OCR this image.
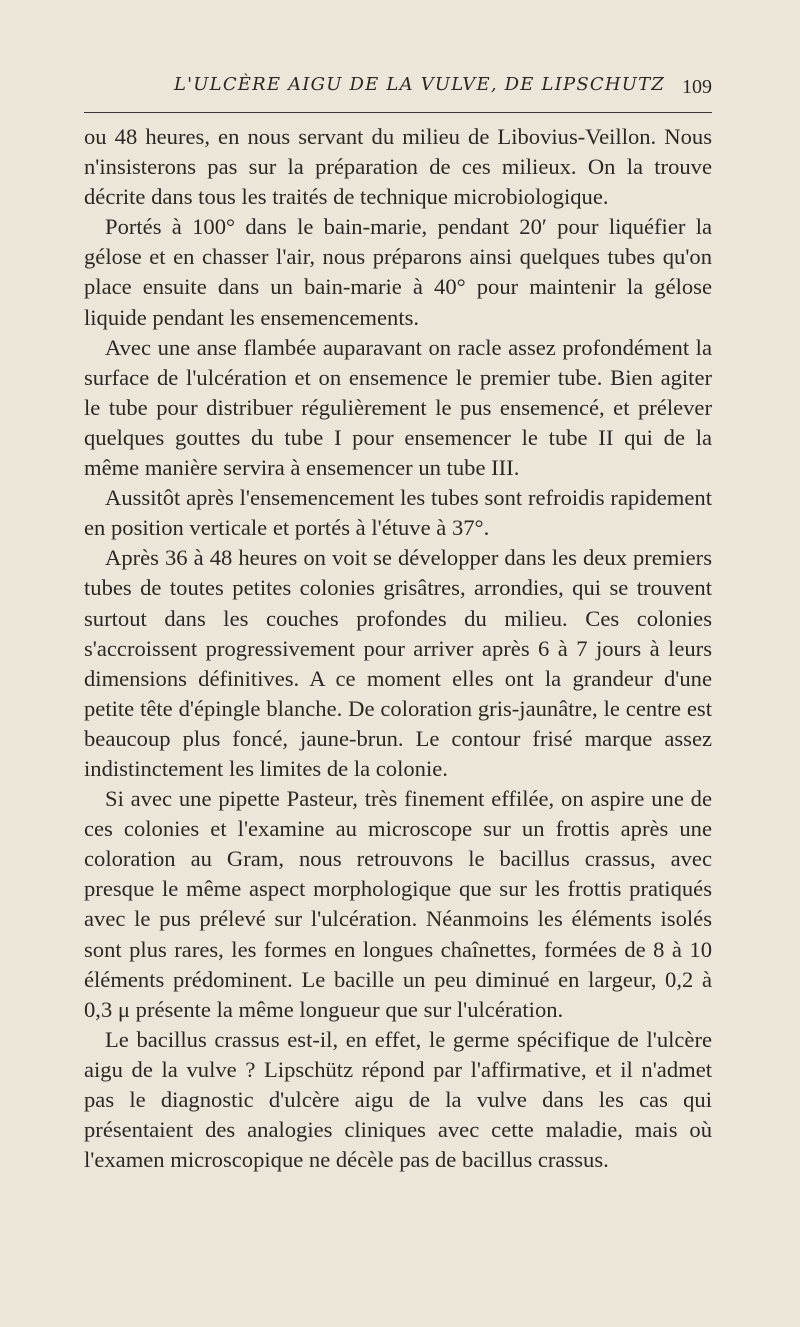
L'ULCÈRE AIGU DE LA VULVE, DE LIPSCHUTZ 109

ou 48 heures, en nous servant du milieu de Libovius-Veillon. Nous n'insisterons pas sur la préparation de ces milieux. On la trouve décrite dans tous les traités de technique microbiologique.

Portés à 100° dans le bain-marie, pendant 20′ pour liquéfier la gélose et en chasser l'air, nous préparons ainsi quelques tubes qu'on place ensuite dans un bain-marie à 40° pour maintenir la gélose liquide pendant les ensemencements.

Avec une anse flambée auparavant on racle assez profondément la surface de l'ulcération et on ensemence le premier tube. Bien agiter le tube pour distribuer régulièrement le pus ensemencé, et prélever quelques gouttes du tube I pour ensemencer le tube II qui de la même manière servira à ensemencer un tube III.

Aussitôt après l'ensemencement les tubes sont refroidis rapidement en position verticale et portés à l'étuve à 37°.

Après 36 à 48 heures on voit se développer dans les deux premiers tubes de toutes petites colonies grisâtres, arrondies, qui se trouvent surtout dans les couches profondes du milieu. Ces colonies s'accroissent progressivement pour arriver après 6 à 7 jours à leurs dimensions définitives. A ce moment elles ont la grandeur d'une petite tête d'épingle blanche. De coloration gris-jaunâtre, le centre est beaucoup plus foncé, jaune-brun. Le contour frisé marque assez indistinctement les limites de la colonie.

Si avec une pipette Pasteur, très finement effilée, on aspire une de ces colonies et l'examine au microscope sur un frottis après une coloration au Gram, nous retrouvons le bacillus crassus, avec presque le même aspect morphologique que sur les frottis pratiqués avec le pus prélevé sur l'ulcération. Néanmoins les éléments isolés sont plus rares, les formes en longues chaînettes, formées de 8 à 10 éléments prédominent. Le bacille un peu diminué en largeur, 0,2 à 0,3 μ présente la même longueur que sur l'ulcération.

Le bacillus crassus est-il, en effet, le germe spécifique de l'ulcère aigu de la vulve ? Lipschütz répond par l'affirmative, et il n'admet pas le diagnostic d'ulcère aigu de la vulve dans les cas qui présentaient des analogies cliniques avec cette maladie, mais où l'examen microscopique ne décèle pas de bacillus crassus.
